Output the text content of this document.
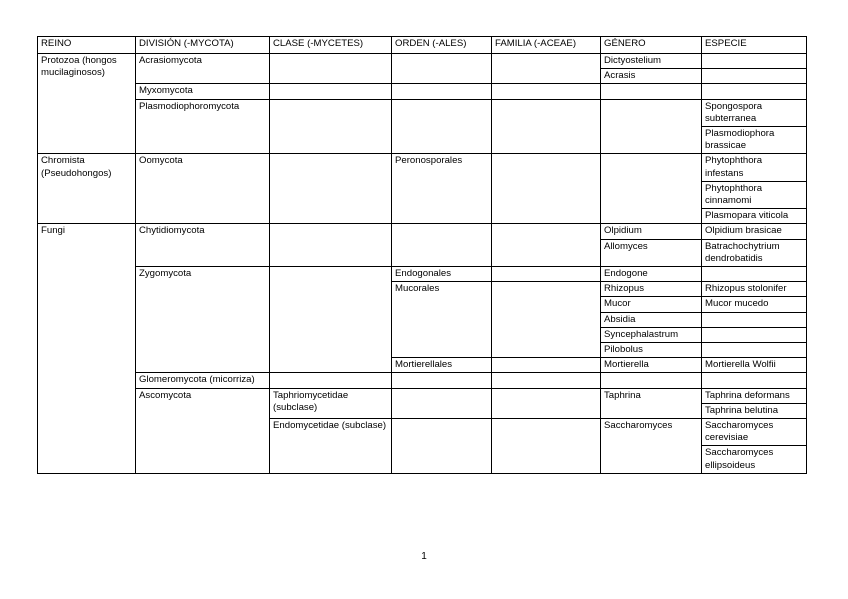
REINO	DIVISIÓN (-MYCOTA)	CLASE (-MYCETES)	ORDEN (-ALES)	FAMILIA (-ACEAE)	GÉNERO	ESPECIE
Protozoa (hongos mucilaginosos)	Acrasiomycota				Dictyostelium	
					Acrasis	
	Myxomycota					
	Plasmodiophoromycota					Spongospora subterranea
						Plasmodiophora brassicae
Chromista (Pseudohongos)	Oomycota		Peronosporales			Phytophthora infestans
						Phytophthora cinnamomi
						Plasmopara viticola
Fungi	Chytidiomycota				Olpidium	Olpidium brasicae
					Allomyces	Batrachochytrium dendrobatidis
	Zygomycota		Endogonales		Endogone	
			Mucorales		Rhizopus	Rhizopus stolonifer
					Mucor	Mucor mucedo
					Absidia	
					Syncephalastrum	
					Pilobolus	
			Mortierellales		Mortierella	Mortierella Wolfii
	Glomeromycota (micorriza)					
	Ascomycota	Taphriomycetidae (subclase)			Taphrina	Taphrina deformans
						Taphrina belutina
		Endomycetidae (subclase)			Saccharomyces	Saccharomyces cerevisiae
						Saccharomyces ellipsoideus
1
